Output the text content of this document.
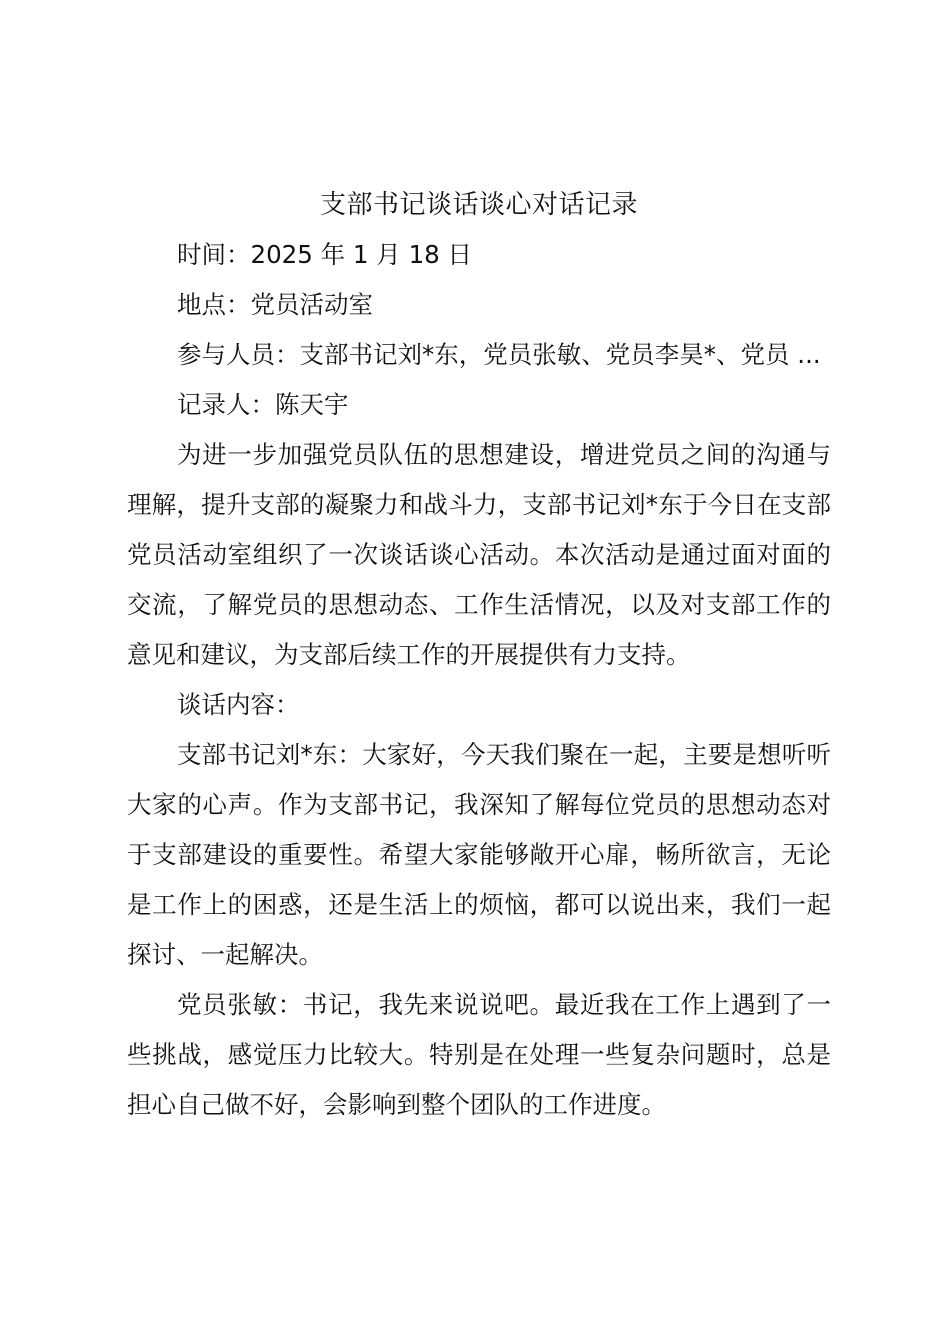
支部书记谈话谈心对话记录

时间：2025 年 1 月 18 日

地点：党员活动室

参与人员：支部书记刘*东，党员张敏、党员李昊*、党员 ...

记录人：陈天宇

为进一步加强党员队伍的思想建设，增进党员之间的沟通与理解，提升支部的凝聚力和战斗力，支部书记刘*东于今日在支部党员活动室组织了一次谈话谈心活动。本次活动是通过面对面的交流，了解党员的思想动态、工作生活情况，以及对支部工作的意见和建议，为支部后续工作的开展提供有力支持。

谈话内容：

支部书记刘*东：大家好，今天我们聚在一起，主要是想听听大家的心声。作为支部书记，我深知了解每位党员的思想动态对于支部建设的重要性。希望大家能够敞开心扉，畅所欲言，无论是工作上的困惑，还是生活上的烦恼，都可以说出来，我们一起探讨、一起解决。

党员张敏：书记，我先来说说吧。最近我在工作上遇到了一些挑战，感觉压力比较大。特别是在处理一些复杂问题时，总是担心自己做不好，会影响到整个团队的工作进度。
